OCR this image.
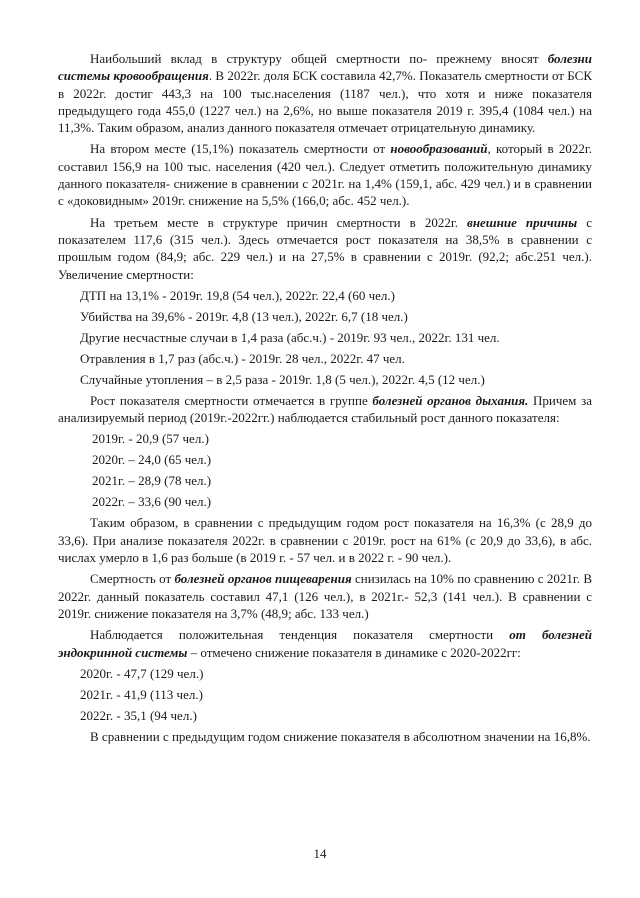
Наибольший вклад в структуру общей смертности по- прежнему вносят болезни системы кровообращения. В 2022г. доля БСК составила 42,7%. Показатель смертности от БСК в 2022г. достиг 443,3 на 100 тыс.населения (1187 чел.), что хотя и ниже показателя предыдущего года 455,0 (1227 чел.) на 2,6%, но выше показателя 2019 г. 395,4 (1084 чел.) на 11,3%. Таким образом, анализ данного показателя отмечает отрицательную динамику.

На втором месте (15,1%) показатель смертности от новообразований, который в 2022г. составил 156,9 на 100 тыс. населения (420 чел.). Следует отметить положительную динамику данного показателя- снижение в сравнении с 2021г. на 1,4% (159,1, абс. 429 чел.) и в сравнении с «доковидным» 2019г. снижение на 5,5% (166,0; абс. 452 чел.).

На третьем месте в структуре причин смертности в 2022г. внешние причины с показателем 117,6 (315 чел.). Здесь отмечается рост показателя на 38,5% в сравнении с прошлым годом (84,9; абс. 229 чел.) и на 27,5% в сравнении с 2019г. (92,2; абс.251 чел.). Увеличение смертности:

ДТП на 13,1% - 2019г. 19,8 (54 чел.), 2022г. 22,4 (60 чел.)
Убийства на 39,6% - 2019г. 4,8 (13 чел.), 2022г. 6,7 (18 чел.)
Другие несчастные случаи в 1,4 раза (абс.ч.) - 2019г. 93 чел., 2022г. 131 чел.
Отравления в 1,7 раз (абс.ч.) - 2019г. 28 чел., 2022г. 47 чел.
Случайные утопления – в 2,5 раза - 2019г. 1,8 (5 чел.), 2022г. 4,5 (12 чел.)

Рост показателя смертности отмечается в группе болезней органов дыхания. Причем за анализируемый период (2019г.-2022гг.) наблюдается стабильный рост данного показателя:

2019г. - 20,9 (57 чел.)
2020г. – 24,0 (65 чел.)
2021г. – 28,9 (78 чел.)
2022г. – 33,6 (90 чел.)

Таким образом, в сравнении с предыдущим годом рост показателя на 16,3% (с 28,9 до 33,6). При анализе показателя 2022г. в сравнении с 2019г. рост на 61% (с 20,9 до 33,6), в абс. числах умерло в 1,6 раз больше (в 2019 г. - 57 чел. и в 2022 г. - 90 чел.).

Смертность от болезней органов пищеварения снизилась на 10% по сравнению с 2021г. В 2022г. данный показатель составил 47,1 (126 чел.), в 2021г.- 52,3 (141 чел.). В сравнении с 2019г. снижение показателя на 3,7% (48,9; абс. 133 чел.)

Наблюдается положительная тенденция показателя смертности от болезней эндокринной системы – отмечено снижение показателя в динамике с 2020-2022гг:

2020г. - 47,7 (129 чел.)
2021г. - 41,9 (113 чел.)
2022г. - 35,1 (94 чел.)

В сравнении с предыдущим годом снижение показателя в абсолютном значении на 16,8%.

14
